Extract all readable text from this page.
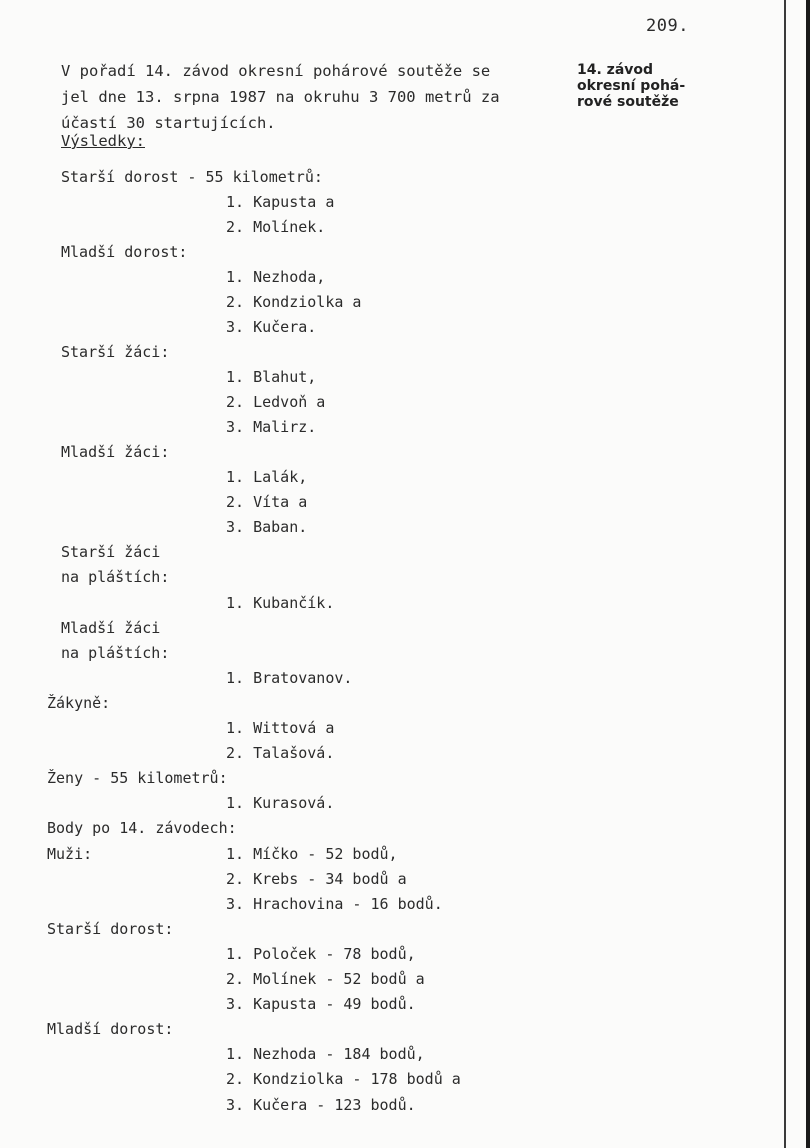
209.
14. závod
okresní pohá-
rové soutěže
V pořadí 14. závod okresní pohárové soutěže se
jel dne 13. srpna 1987 na okruhu 3 700 metrů za
účastí 30 startujících.
Výsledky:
Starší dorost - 55 kilometrů:
1. Kapusta a
2. Molínek.
Mladší dorost:
1. Nezhoda,
2. Kondziolka a
3. Kučera.
Starší žáci:
1. Blahut,
2. Ledvoň a
3. Malirz.
Mladší žáci:
1. Lalák,
2. Víta a
3. Baban.
Starší žáci
na pláštích:
1. Kubančík.
Mladší žáci
na pláštích:
1. Bratovanov.
Žákyně:
1. Wittová a
2. Talašová.
Ženy - 55 kilometrů:
1. Kurasová.
Body po 14. závodech:
Muži:	1. Míčko - 52 bodů,
2. Krebs - 34 bodů a
3. Hrachovina - 16 bodů.
Starší dorost:
1. Poloček - 78 bodů,
2. Molínek - 52 bodů a
3. Kapusta - 49 bodů.
Mladší dorost:
1. Nezhoda - 184 bodů,
2. Kondziolka - 178 bodů a
3. Kučera - 123 bodů.
